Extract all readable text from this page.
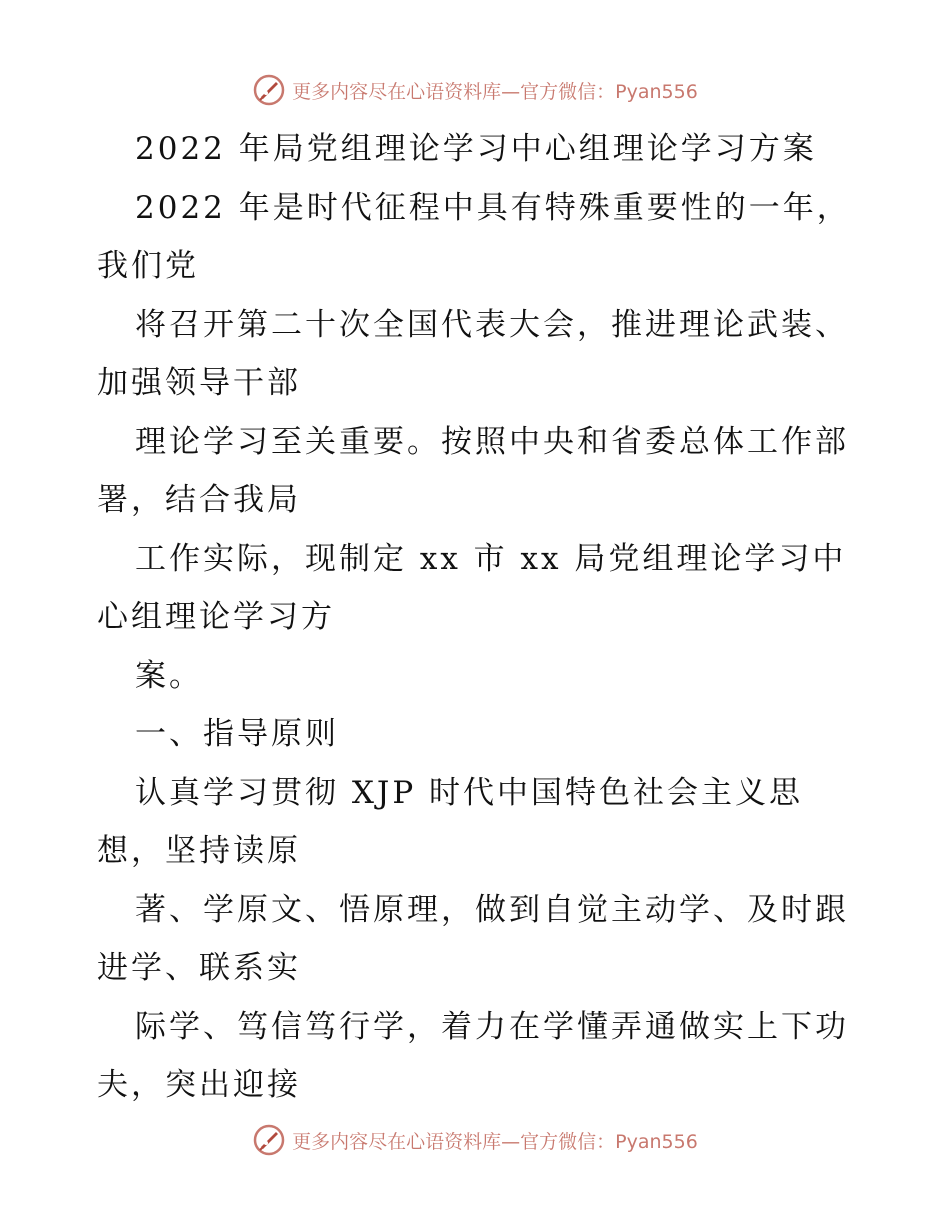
更多内容尽在心语资料库—官方微信：Pyan556
2022 年局党组理论学习中心组理论学习方案
2022 年是时代征程中具有特殊重要性的一年，
我们党
将召开第二十次全国代表大会，推进理论武装、
加强领导干部
理论学习至关重要。按照中央和省委总体工作部
署，结合我局
工作实际，现制定 xx 市 xx 局党组理论学习中
心组理论学习方
案。
一、指导原则
认真学习贯彻 XJP 时代中国特色社会主义思
想，坚持读原
著、学原文、悟原理，做到自觉主动学、及时跟
进学、联系实
际学、笃信笃行学，着力在学懂弄通做实上下功
夫，突出迎接
更多内容尽在心语资料库—官方微信：Pyan556
